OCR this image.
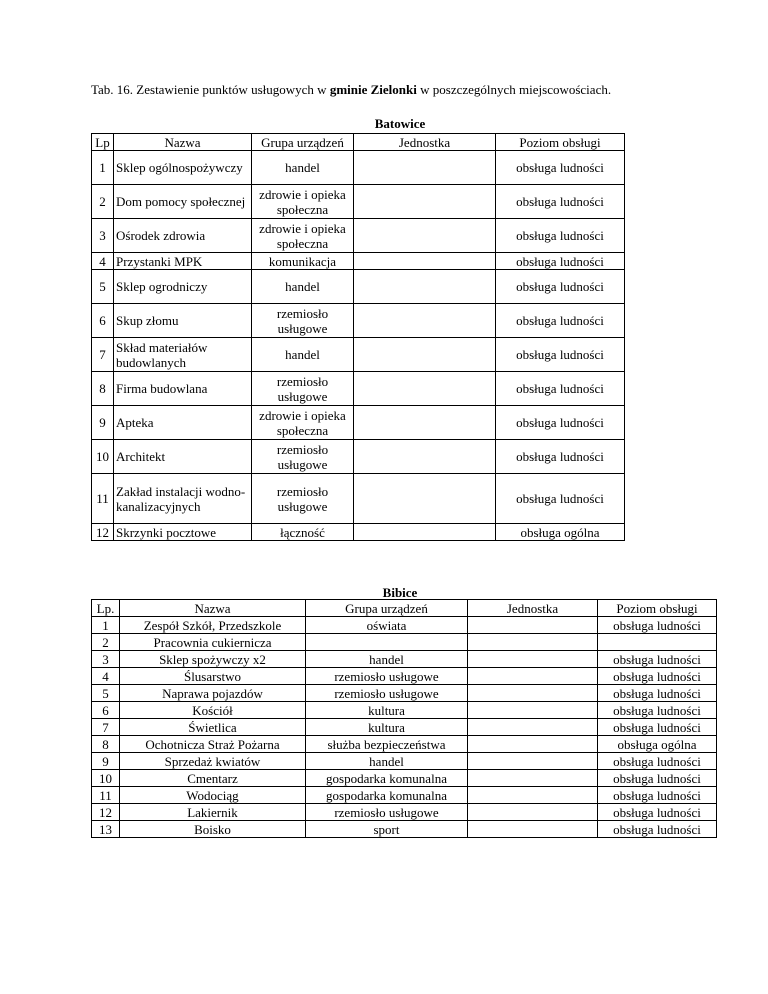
Tab. 16. Zestawienie punktów usługowych w gminie Zielonki w poszczególnych miejscowościach.
Batowice
Lp	Nazwa	Grupa urządzeń	Jednostka	Poziom obsługi
1	Sklep ogólnospożywczy	handel		obsługa ludności
2	Dom pomocy społecznej	zdrowie i opieka społeczna		obsługa ludności
3	Ośrodek zdrowia	zdrowie i opieka społeczna		obsługa ludności
4	Przystanki MPK	komunikacja		obsługa ludności
5	Sklep ogrodniczy	handel		obsługa ludności
6	Skup złomu	rzemiosło usługowe		obsługa ludności
7	Skład materiałów budowlanych	handel		obsługa ludności
8	Firma budowlana	rzemiosło usługowe		obsługa ludności
9	Apteka	zdrowie i opieka społeczna		obsługa ludności
10	Architekt	rzemiosło usługowe		obsługa ludności
11	Zakład instalacji wodno-kanalizacyjnych	rzemiosło usługowe		obsługa ludności
12	Skrzynki pocztowe	łączność		obsługa ogólna
Bibice
Lp.	Nazwa	Grupa urządzeń	Jednostka	Poziom obsługi
1	Zespół Szkół, Przedszkole	oświata		obsługa ludności
2	Pracownia cukiernicza			
3	Sklep spożywczy x2	handel		obsługa ludności
4	Ślusarstwo	rzemiosło usługowe		obsługa ludności
5	Naprawa pojazdów	rzemiosło usługowe		obsługa ludności
6	Kościół	kultura		obsługa ludności
7	Świetlica	kultura		obsługa ludności
8	Ochotnicza Straż Pożarna	służba bezpieczeństwa		obsługa ogólna
9	Sprzedaż kwiatów	handel		obsługa ludności
10	Cmentarz	gospodarka komunalna		obsługa ludności
11	Wodociąg	gospodarka komunalna		obsługa ludności
12	Lakiernik	rzemiosło usługowe		obsługa ludności
13	Boisko	sport		obsługa ludności
